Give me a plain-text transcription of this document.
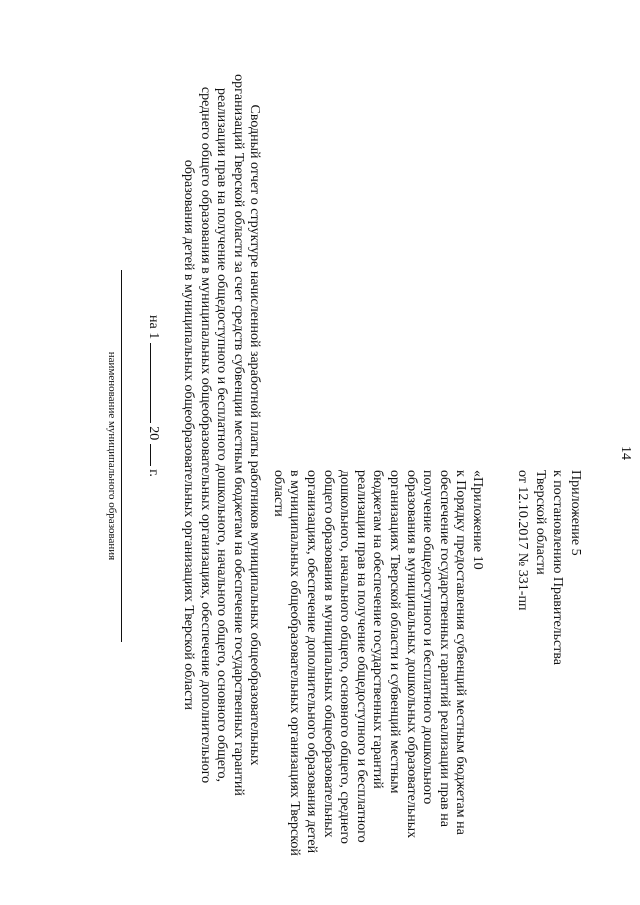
14
Приложение 5
к постановлению Правительства
Тверской области
от 12.10.2017 № 331-пп
«Приложение 10
к Порядку предоставления субвенций местным бюджетам на
обеспечение государственных гарантий реализации прав на
получение общедоступного и бесплатного дошкольного
образования в муниципальных дошкольных образовательных
организациях Тверской области и субвенций местным
бюджетам на обеспечение государственных гарантий
реализации прав на получение общедоступного и бесплатного
дошкольного, начального общего, основного общего, среднего
общего образования в муниципальных общеобразовательных
организациях, обеспечение дополнительного образования детей
в муниципальных общеобразовательных организациях Тверской
области
Сводный отчет о структуре начисленной заработной платы работников муниципальных общеобразовательных
организаций Тверской области за счет средств субвенции местным бюджетам на обеспечение государственных гарантий
реализации прав на получение общедоступного и бесплатного дошкольного, начального общего, основного общего,
среднего общего образования в муниципальных общеобразовательных организациях, обеспечение дополнительного
образования детей в муниципальных общеобразовательных организациях Тверской области
на 1  20  г.
наименование муниципального образования
